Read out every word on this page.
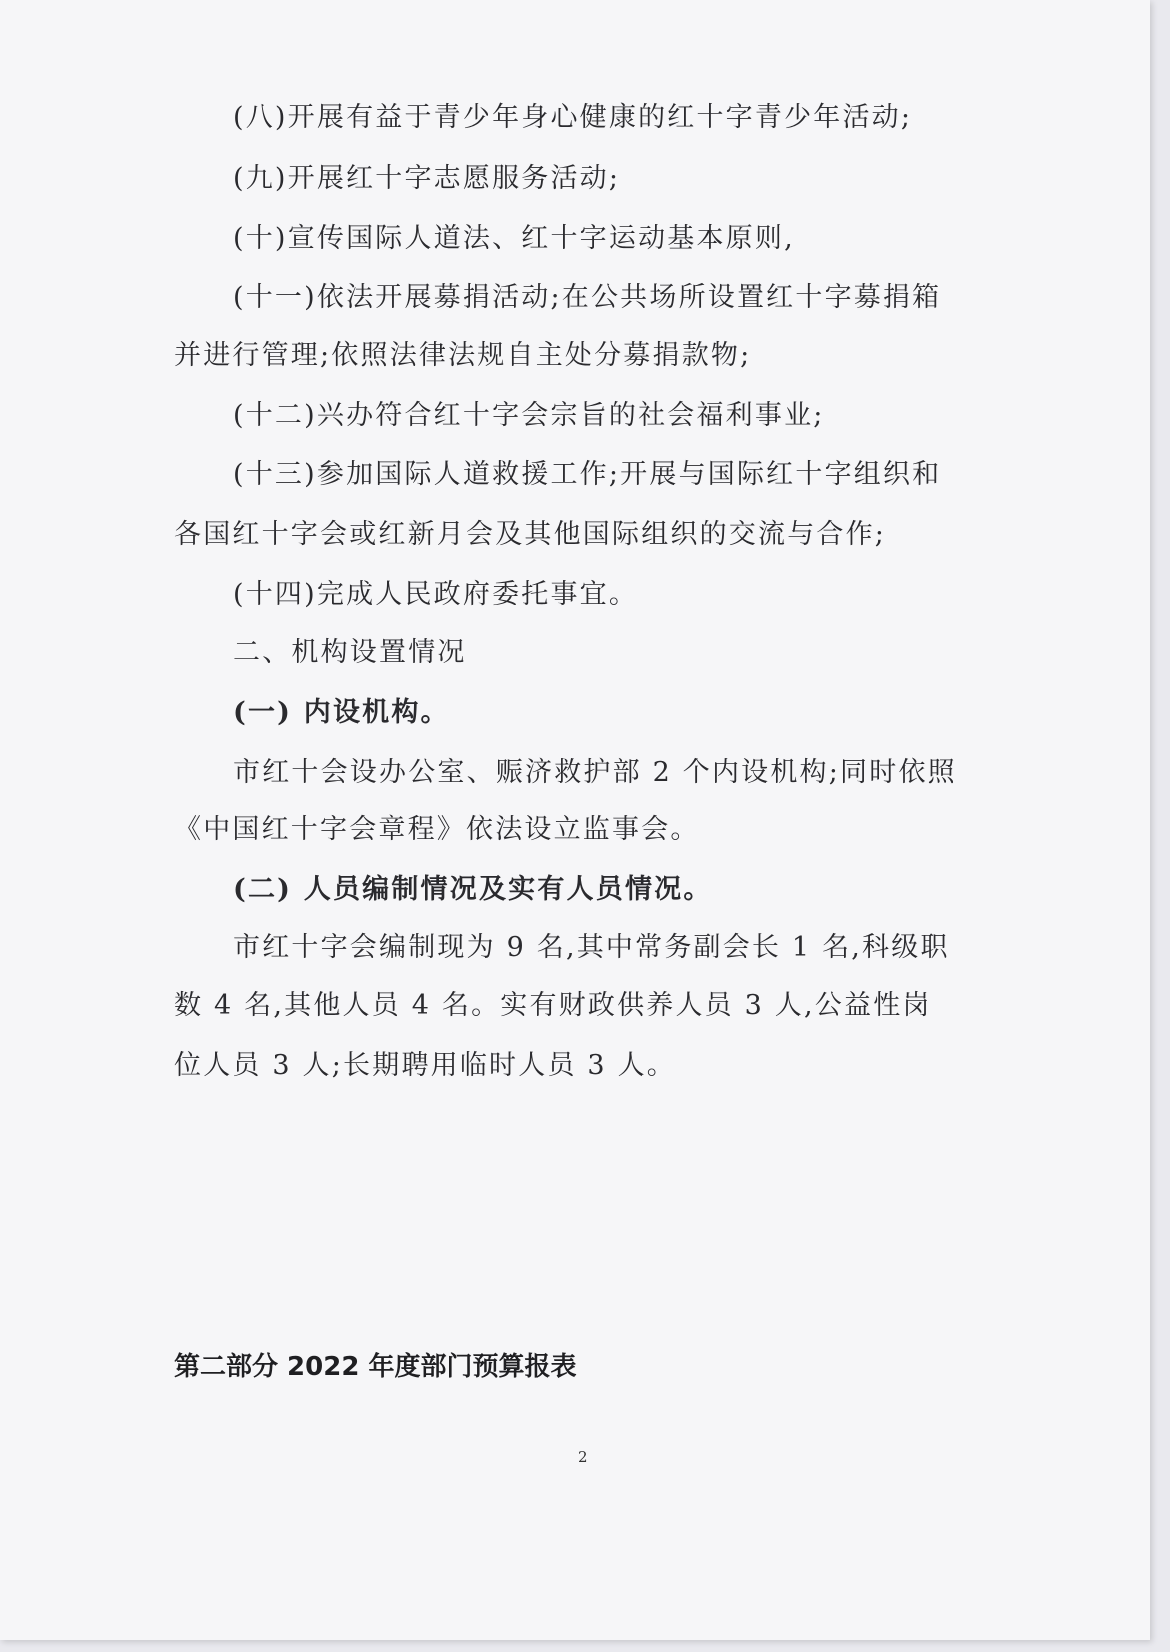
(八)开展有益于青少年身心健康的红十字青少年活动;
(九)开展红十字志愿服务活动;
(十)宣传国际人道法、红十字运动基本原则,
(十一)依法开展募捐活动;在公共场所设置红十字募捐箱
并进行管理;依照法律法规自主处分募捐款物;
(十二)兴办符合红十字会宗旨的社会福利事业;
(十三)参加国际人道救援工作;开展与国际红十字组织和
各国红十字会或红新月会及其他国际组织的交流与合作;
(十四)完成人民政府委托事宜。
二、机构设置情况
(一) 内设机构。
市红十会设办公室、赈济救护部 2 个内设机构;同时依照
《中国红十字会章程》依法设立监事会。
(二) 人员编制情况及实有人员情况。
市红十字会编制现为 9 名,其中常务副会长 1 名,科级职
数 4 名,其他人员 4 名。实有财政供养人员 3 人,公益性岗
位人员 3 人;长期聘用临时人员 3 人。
第二部分 2022 年度部门预算报表
2
